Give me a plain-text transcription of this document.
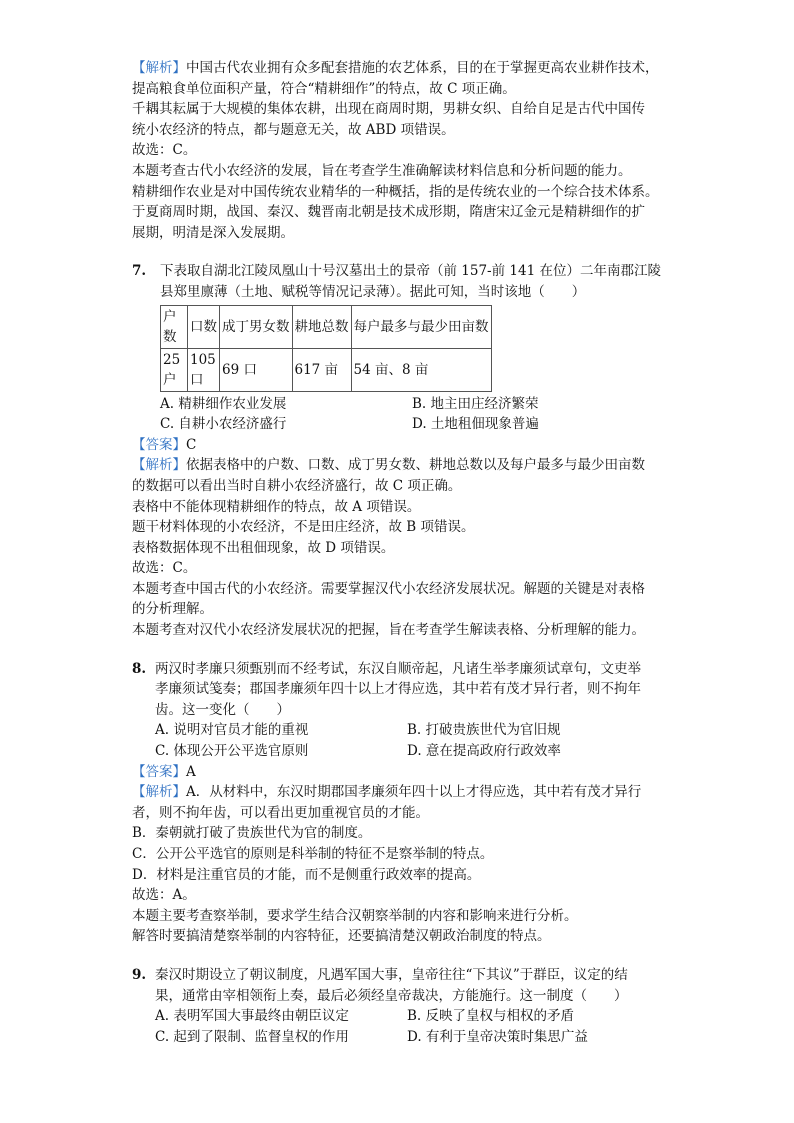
【解析】中国古代农业拥有众多配套措施的农艺体系，目的在于掌握更高农业耕作技术，
提高粮食单位面积产量，符合“精耕细作”的特点，故 C 项正确。
千耦其耘属于大规模的集体农耕，出现在商周时期，男耕女织、自给自足是古代中国传
统小农经济的特点，都与题意无关，故 ABD 项错误。
故选：C。
本题考查古代小农经济的发展，旨在考查学生准确解读材料信息和分析问题的能力。
精耕细作农业是对中国传统农业精华的一种概括，指的是传统农业的一个综合技术体系。
于夏商周时期，战国、秦汉、魏晋南北朝是技术成形期，隋唐宋辽金元是精耕细作的扩
展期，明清是深入发展期。
7.	下表取自湖北江陵凤凰山十号汉墓出土的景帝（前 157-前 141 在位）二年南郡江陵
县郑里廪薄（土地、赋税等情况记录薄）。据此可知，当时该地（　　）
户数	口数	成丁男女数	耕地总数	每户最多与最少田亩数
25户	105口	69 口	617 亩	54 亩、8 亩
A. 精耕细作农业发展	B. 地主田庄经济繁荣
C. 自耕小农经济盛行	D. 土地租佃现象普遍
【答案】C
【解析】依据表格中的户数、口数、成丁男女数、耕地总数以及每户最多与最少田亩数
的数据可以看出当时自耕小农经济盛行，故 C 项正确。
表格中不能体现精耕细作的特点，故 A 项错误。
题干材料体现的小农经济，不是田庄经济，故 B 项错误。
表格数据体现不出租佃现象，故 D 项错误。
故选：C。
本题考查中国古代的小农经济。需要掌握汉代小农经济发展状况。解题的关键是对表格
的分析理解。
本题考查对汉代小农经济发展状况的把握，旨在考查学生解读表格、分析理解的能力。
8. 两汉时孝廉只须甄别而不经考试，东汉自顺帝起，凡诸生举孝廉须试章句，文吏举
孝廉须试笺奏；郡国孝廉须年四十以上才得应选，其中若有茂才异行者，则不拘年
齿。这一变化（　　）
A. 说明对官员才能的重视	B. 打破贵族世代为官旧规
C. 体现公开公平选官原则	D. 意在提高政府行政效率
【答案】A
【解析】A．从材料中，东汉时期郡国孝廉须年四十以上才得应选，其中若有茂才异行
者，则不拘年齿，可以看出更加重视官员的才能。
B．秦朝就打破了贵族世代为官的制度。
C．公开公平选官的原则是科举制的特征不是察举制的特点。
D．材料是注重官员的才能，而不是侧重行政效率的提高。
故选：A。
本题主要考查察举制，要求学生结合汉朝察举制的内容和影响来进行分析。
解答时要搞清楚察举制的内容特征，还要搞清楚汉朝政治制度的特点。
9. 秦汉时期设立了朝议制度，凡遇军国大事，皇帝往往“下其议”于群臣，议定的结
果，通常由宰相领衔上奏，最后必须经皇帝裁决，方能施行。这一制度（　　）
A. 表明军国大事最终由朝臣议定	B. 反映了皇权与相权的矛盾
C. 起到了限制、监督皇权的作用	D. 有利于皇帝决策时集思广益
